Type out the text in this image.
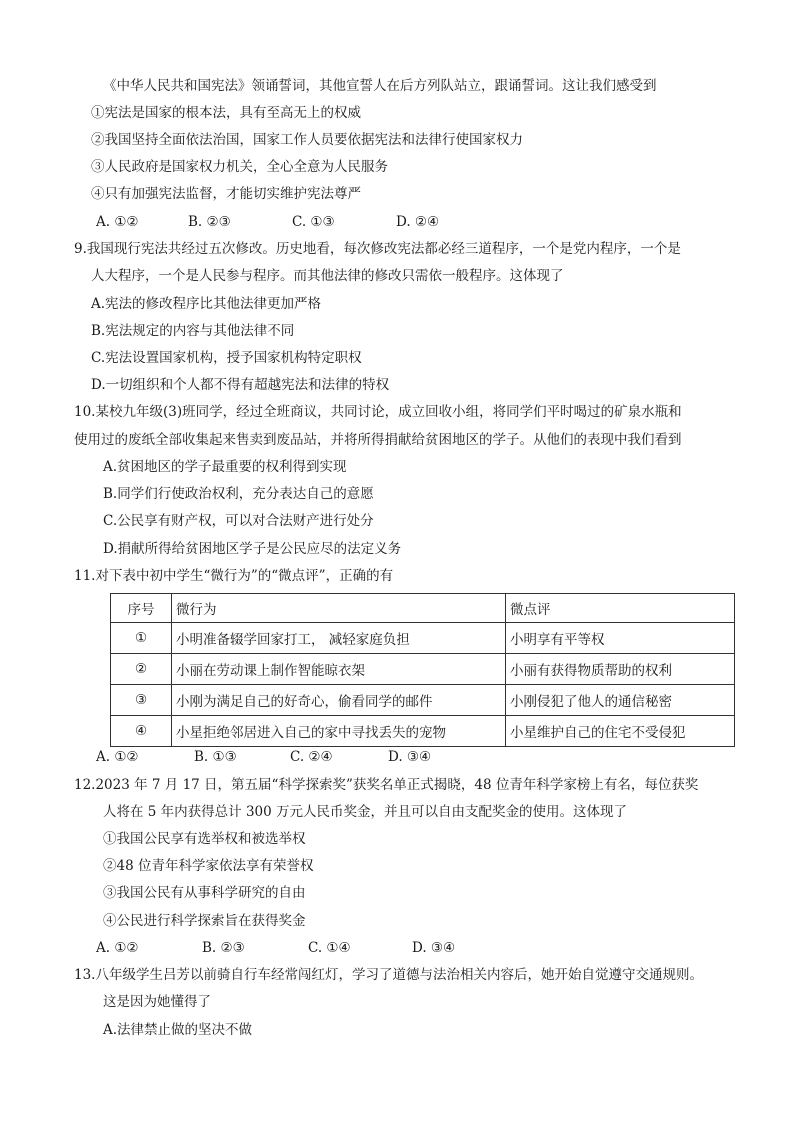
《中华人民共和国宪法》领诵誓词，其他宣誓人在后方列队站立，跟诵誓词。这让我们感受到
①宪法是国家的根本法，具有至高无上的权威
②我国坚持全面依法治国，国家工作人员要依据宪法和法律行使国家权力
③人民政府是国家权力机关，全心全意为人民服务
④只有加强宪法监督，才能切实维护宪法尊严
A. ①②	B. ②③	C. ①③	D. ②④
9.我国现行宪法共经过五次修改。历史地看，每次修改宪法都必经三道程序，一个是党内程序，一个是
人大程序，一个是人民参与程序。而其他法律的修改只需依一般程序。这体现了
A.宪法的修改程序比其他法律更加严格
B.宪法规定的内容与其他法律不同
C.宪法设置国家机构，授予国家机构特定职权
D.一切组织和个人都不得有超越宪法和法律的特权
10.某校九年级(3)班同学，经过全班商议，共同讨论，成立回收小组，将同学们平时喝过的矿泉水瓶和
使用过的废纸全部收集起来售卖到废品站，并将所得捐献给贫困地区的学子。从他们的表现中我们看到
A.贫困地区的学子最重要的权利得到实现
B.同学们行使政治权利，充分表达自己的意愿
C.公民享有财产权，可以对合法财产进行处分
D.捐献所得给贫困地区学子是公民应尽的法定义务
11.对下表中初中学生“微行为”的“微点评”，正确的有
序号	微行为	微点评
①	小明准备辍学回家打工， 减轻家庭负担	小明享有平等权
②	小丽在劳动课上制作智能晾衣架	小丽有获得物质帮助的权利
③	小刚为满足自己的好奇心，偷看同学的邮件	小刚侵犯了他人的通信秘密
④	小星拒绝邻居进入自己的家中寻找丢失的宠物	小星维护自己的住宅不受侵犯
A. ①②	B. ①③	C. ②④	D. ③④
12.2023 年 7 月 17 日，第五届“科学探索奖”获奖名单正式揭晓，48 位青年科学家榜上有名，每位获奖
人将在 5 年内获得总计 300 万元人民币奖金，并且可以自由支配奖金的使用。这体现了
①我国公民享有选举权和被选举权
②48 位青年科学家依法享有荣誉权
③我国公民有从事科学研究的自由
④公民进行科学探索旨在获得奖金
A. ①②	B. ②③	C. ①④	D. ③④
13.八年级学生吕芳以前骑自行车经常闯红灯，学习了道德与法治相关内容后，她开始自觉遵守交通规则。
这是因为她懂得了
A.法律禁止做的坚决不做
